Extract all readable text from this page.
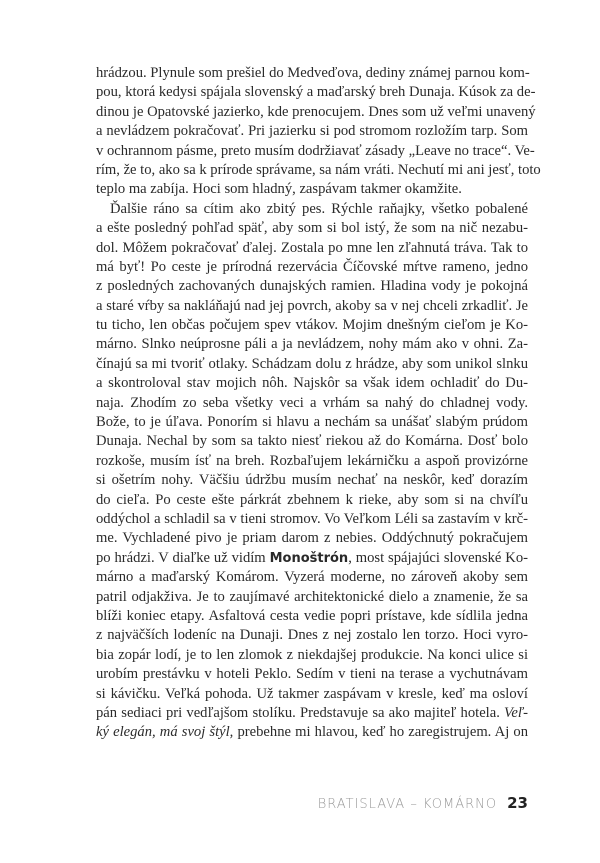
hrádzou. Plynule som prešiel do Medveďova, dediny známej parnou kom-
pou, ktorá kedysi spájala slovenský a maďarský breh Dunaja. Kúsok za de-
dinou je Opatovské jazierko, kde prenocujem. Dnes som už veľmi unavený
a nevládzem pokračovať. Pri jazierku si pod stromom rozložím tarp. Som
v ochrannom pásme, preto musím dodržiavať zásady „Leave no trace“. Ve-
rím, že to, ako sa k prírode správame, sa nám vráti. Nechutí mi ani jesť, toto
teplo ma zabíja. Hoci som hladný, zaspávam takmer okamžite.
Ďalšie ráno sa cítim ako zbitý pes. Rýchle raňajky, všetko pobalené
a ešte posledný pohľad späť, aby som si bol istý, že som na nič nezabu-
dol. Môžem pokračovať ďalej. Zostala po mne len zľahnutá tráva. Tak to
má byť! Po ceste je prírodná rezervácia Číčovské mŕtve rameno, jedno
z posledných zachovaných dunajských ramien. Hladina vody je pokojná
a staré vŕby sa nakláňajú nad jej povrch, akoby sa v nej chceli zrkadliť. Je
tu ticho, len občas počujem spev vtákov. Mojim dnešným cieľom je Ko-
márno. Slnko neúprosne páli a ja nevládzem, nohy mám ako v ohni. Za-
čínajú sa mi tvoriť otlaky. Schádzam dolu z hrádze, aby som unikol slnku
a skontroloval stav mojich nôh. Najskôr sa však idem ochladiť do Du-
naja. Zhodím zo seba všetky veci a vrhám sa nahý do chladnej vody.
Bože, to je úľava. Ponorím si hlavu a nechám sa unášať slabým prúdom
Dunaja. Nechal by som sa takto niesť riekou až do Komárna. Dosť bolo
rozkoše, musím ísť na breh. Rozbaľujem lekárničku a aspoň provizórne
si ošetrím nohy. Väčšiu údržbu musím nechať na neskôr, keď dorazím
do cieľa. Po ceste ešte párkrát zbehnem k rieke, aby som si na chvíľu
oddýchol a schladil sa v tieni stromov. Vo Veľkom Léli sa zastavím v krč-
me. Vychladené pivo je priam darom z nebies. Oddýchnutý pokračujem
po hrádzi. V diaľke už vidím Monoštrón, most spájajúci slovenské Ko-
márno a maďarský Komárom. Vyzerá moderne, no zároveň akoby sem
patril odjakživa. Je to zaujímavé architektonické dielo a znamenie, že sa
blíži koniec etapy. Asfaltová cesta vedie popri prístave, kde sídlila jedna
z najväčších lodeníc na Dunaji. Dnes z nej zostalo len torzo. Hoci vyro-
bia zopár lodí, je to len zlomok z niekdajšej produkcie. Na konci ulice si
urobím prestávku v hoteli Peklo. Sedím v tieni na terase a vychutnávam
si kávičku. Veľká pohoda. Už takmer zaspávam v kresle, keď ma osloví
pán sediaci pri vedľajšom stolíku. Predstavuje sa ako majiteľ hotela. Veľ-
ký elegán, má svoj štýl, prebehne mi hlavou, keď ho zaregistrujem. Aj on
BRATISLAVA – KOMÁRNO 23
